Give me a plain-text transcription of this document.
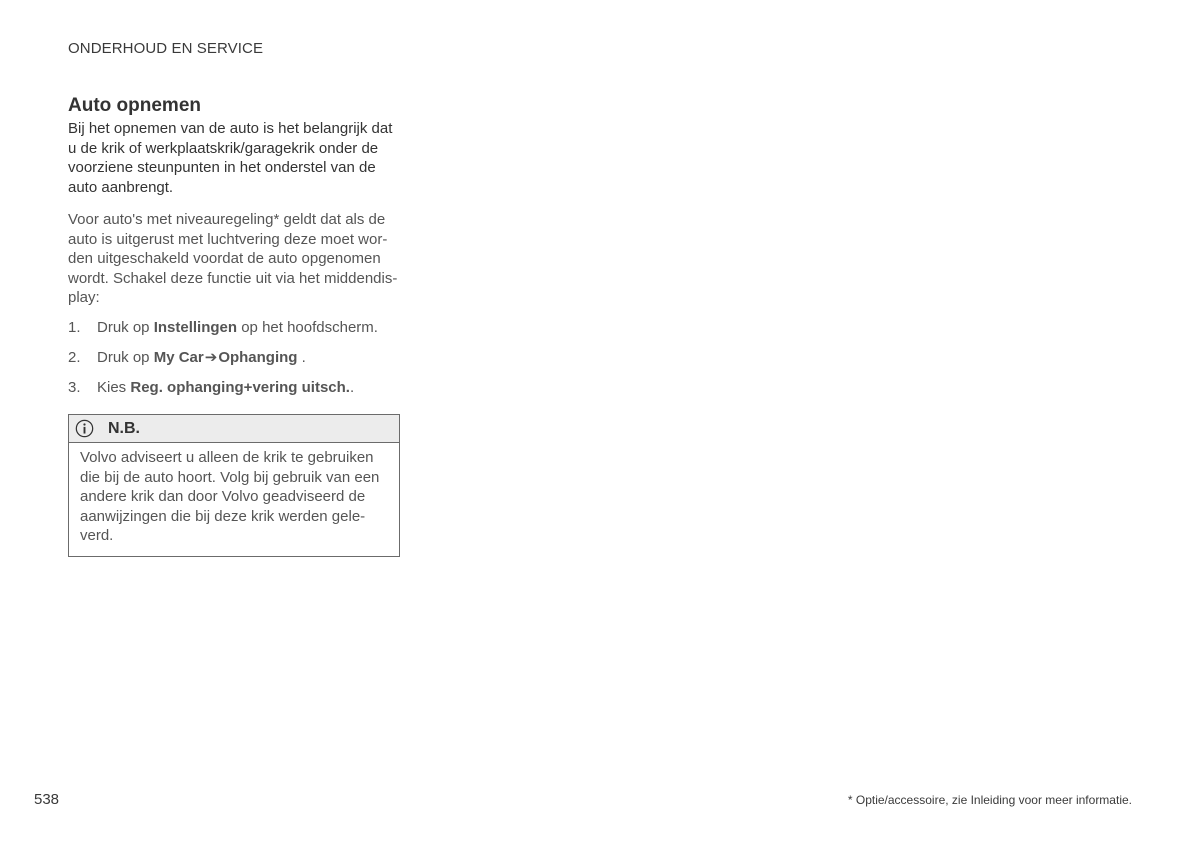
ONDERHOUD EN SERVICE
Auto opnemen

Bij het opnemen van de auto is het belangrijk dat u de krik of werkplaatskrik/garagekrik onder de voorziene steunpunten in het onderstel van de auto aanbrengt.

Voor auto's met niveauregeling* geldt dat als de auto is uitgerust met luchtvering deze moet wor-den uitgeschakeld voordat de auto opgenomen wordt. Schakel deze functie uit via het middendis-play:

1.	Druk op Instellingen op het hoofdscherm.
2.	Druk op My Car➔Ophanging .
3.	Kies Reg. ophanging+vering uitsch..
N.B.

Volvo adviseert u alleen de krik te gebruiken die bij de auto hoort. Volg bij gebruik van een andere krik dan door Volvo geadviseerd de aanwijzingen die bij deze krik werden gele-verd.

538	* Optie/accessoire, zie Inleiding voor meer informatie.
